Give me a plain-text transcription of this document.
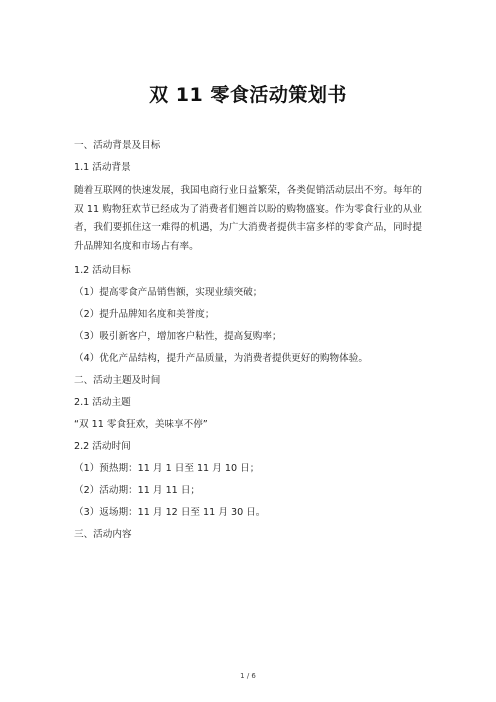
双 11 零食活动策划书

一、活动背景及目标

1.1 活动背景

随着互联网的快速发展，我国电商行业日益繁荣，各类促销活动层出不穷。每年的双 11 购物狂欢节已经成为了消费者们翘首以盼的购物盛宴。作为零食行业的从业者，我们要抓住这一难得的机遇，为广大消费者提供丰富多样的零食产品，同时提升品牌知名度和市场占有率。

1.2 活动目标

（1）提高零食产品销售额，实现业绩突破；

（2）提升品牌知名度和美誉度；

（3）吸引新客户，增加客户粘性，提高复购率；

（4）优化产品结构，提升产品质量，为消费者提供更好的购物体验。

二、活动主题及时间

2.1 活动主题

“双 11 零食狂欢，美味享不停”

2.2 活动时间

（1）预热期：11 月 1 日至 11 月 10 日；

（2）活动期：11 月 11 日；

（3）返场期：11 月 12 日至 11 月 30 日。

三、活动内容

1 / 6
